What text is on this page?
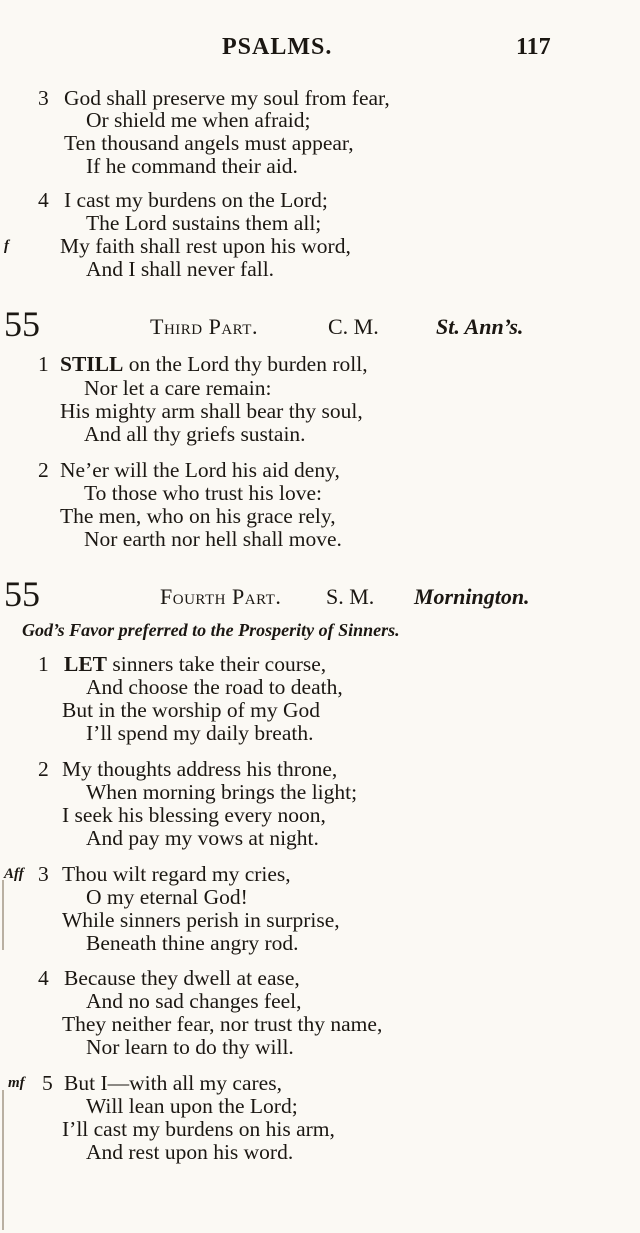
PSALMS.	117
3 God shall preserve my soul from fear,
Or shield me when afraid;
Ten thousand angels must appear,
If he command their aid.
4 I cast my burdens on the Lord;
The Lord sustains them all;
f My faith shall rest upon his word,
And I shall never fall.
55	Third Part.	C. M.	St. Ann’s.
1 STILL on the Lord thy burden roll,
Nor let a care remain:
His mighty arm shall bear thy soul,
And all thy griefs sustain.
2 Ne’er will the Lord his aid deny,
To those who trust his love:
The men, who on his grace rely,
Nor earth nor hell shall move.
55	Fourth Part. S. M. Mornington.
God’s Favor preferred to the Prosperity of Sinners.
1 LET sinners take their course,
And choose the road to death,
But in the worship of my God
I’ll spend my daily breath.
2 My thoughts address his throne,
When morning brings the light;
I seek his blessing every noon,
And pay my vows at night.
Aff 3 Thou wilt regard my cries,
O my eternal God!
While sinners perish in surprise,
Beneath thine angry rod.
4 Because they dwell at ease,
And no sad changes feel,
They neither fear, nor trust thy name,
Nor learn to do thy will.
mf 5 But I—with all my cares,
Will lean upon the Lord;
I’ll cast my burdens on his arm,
And rest upon his word.
